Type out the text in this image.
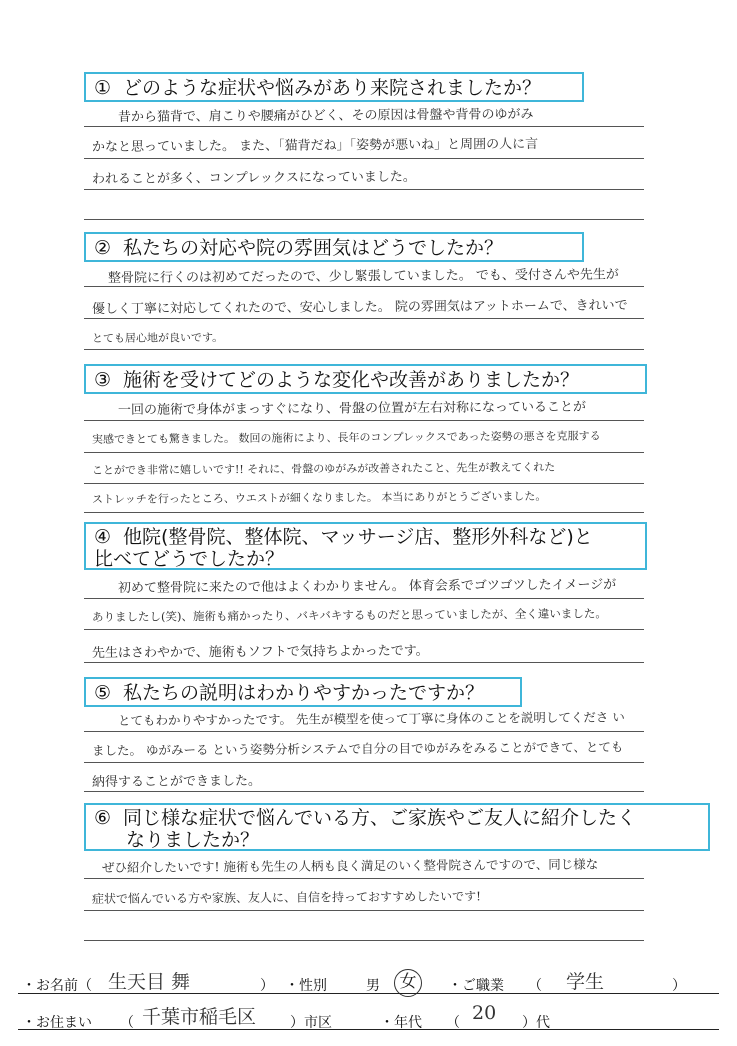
① どのような症状や悩みがあり来院されましたか？
昔から猫背で、肩こりや腰痛がひどく、その原因は骨盤や背骨のゆがみ
かなと思っていました。 また、「猫背だね」「姿勢が悪いね」と周囲の人に言
われることが多く、コンプレックスになっていました。
② 私たちの対応や院の雰囲気はどうでしたか？
整骨院に行くのは初めてだったので、少し緊張していました。 でも、受付さんや先生が
優しく丁寧に対応してくれたので、安心しました。 院の雰囲気はアットホームで、きれいで
とても居心地が良いです。
③ 施術を受けてどのような変化や改善がありましたか？
一回の施術で身体がまっすぐになり、骨盤の位置が左右対称になっていることが
実感できとても驚きました。 数回の施術により、長年のコンプレックスであった姿勢の悪さを克服する
ことができ非常に嬉しいです!! それに、骨盤のゆがみが改善されたこと、先生が教えてくれた
ストレッチを行ったところ、ウエストが細くなりました。 本当にありがとうございました。
④ 他院(整骨院、整体院、マッサージ店、整形外科など)と
比べてどうでしたか？
初めて整骨院に来たので他はよくわかりません。 体育会系でゴツゴツしたイメージが
ありましたし(笑)、施術も痛かったり、バキバキするものだと思っていましたが、全く違いました。
先生はさわやかで、施術もソフトで気持ちよかったです。
⑤ 私たちの説明はわかりやすかったですか？
とてもわかりやすかったです。 先生が模型を使って丁寧に身体のことを説明してくださ い
ました。 ゆがみーる という姿勢分析システムで自分の目でゆがみをみることができて、とても
納得することができました。
⑥ 同じ様な症状で悩んでいる方、ご家族やご友人に紹介したく
なりましたか？
ぜひ紹介したいです! 施術も先生の人柄も良く満足のいく整骨院さんですので、同じ様な
症状で悩んでいる方や家族、友人に、自信を持っておすすめしたいです!
・お名前（ 生天目 舞	） ・性別	男	女	・ご職業 （ 学生	）
・お住まい （ 千葉市稲毛区 ）市区	・年代 （ 20 ）代
